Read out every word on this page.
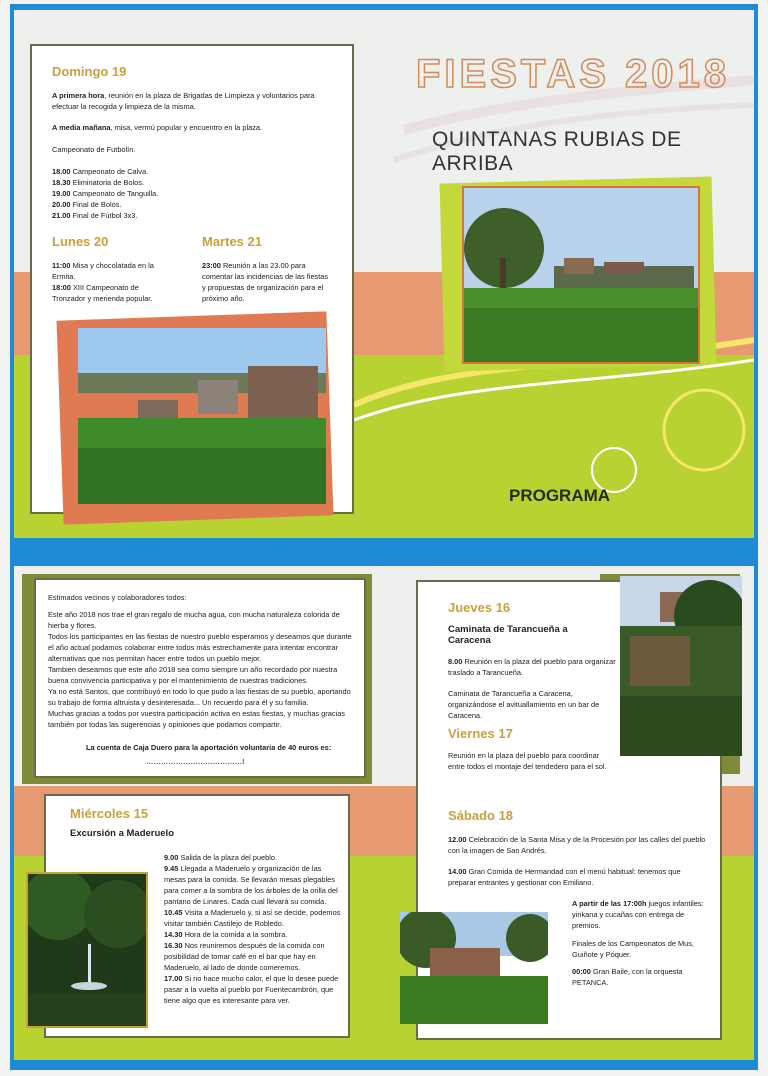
Domingo 19
A primera hora, reunión en la plaza de Brigadas de Limpieza y voluntarios para efectuar la recogida y limpieza de la misma.
A media mañana, misa, vermú popular y encuentro en la plaza.
Campeonato de Futbolín.
18.00 Campeonato de Calva.
18.30 Eliminatoria de Bolos.
19.00 Campeonato de Tanguilla.
20.00 Final de Bolos.
21.00 Final de Fútbol 3x3.
Lunes 20
11:00 Misa y chocolatada en la Ermita.
18:00 XIII Campeonato de Tronzador y merienda popular.
Martes 21
23:00 Reunión a las 23.00 para comentar las incidencias de las fiestas y propuestas de organización para el próximo año.
FIESTAS 2018
QUINTANAS RUBIAS DE ARRIBA
PROGRAMA
Estimados vecinos y colaboradores todos:
Este año 2018 nos trae el gran regalo de mucha agua, con mucha naturaleza colorida de hierba y flores.
Todos los participantes en las fiestas de nuestro pueblo esperamos y deseamos que durante el año actual podamos colaborar entre todos más estrechamente para intentar encontrar alternativas que nos permitan hacer entre todos un pueblo mejor.
Tambien deseamos que este año 2018 sea como siempre un año recordado por nuestra buena convivencia participativa y por el mantenimiento de nuestras tradiciones.
Ya no está Santos, que contribuyó en todo lo que pudo a las fiestas de su pueblo, aportando su trabajo de forma altruista y desinteresada... Un recuerdo para él y su familia.
Muchas gracias a todos por vuestra participación activa en estas fiestas, y muchas gracias también por todas las sugerencias y opiniones que podamos compartir.
La cuenta de Caja Duero para la aportación voluntaria de 40 euros es:
…………………………………!
Miércoles 15
Excursión a Maderuelo
9.00 Salida de la plaza del pueblo.
9.45 Llegada a Maderuelo y organización de las mesas para la comida. Se llevarán mesas plegables para comer a la sombra de los árboles de la orilla del pantano de Linares. Cada cual llevará su comida.
10.45 Visita a Maderuelo y, si así se decide, podemos visitar también Castilejo de Robledo.
14.30 Hora de la comida a la sombra.
16.30 Nos reuniremos después de la comida con posibilidad de tomar café en el bar que hay en Maderuelo, al lado de donde comeremos.
17.00 Si no hace mucho calor, el que lo desee puede pasar a la vuelta al pueblo por Fuentecambrón, que tiene algo que es interesante para ver.
Jueves 16
Caminata de Tarancueña a Caracena
8.00 Reunión en la plaza del pueblo para organizar traslado a Tarancueña.
Caminata de Tarancueña a Caracena, organizándose el avituallamiento en un bar de Caracena.
Viernes 17
Reunión en la plaza del pueblo para coordinar entre todos el montaje del tendedero para el sol.
Sábado 18
12.00 Celebración de la Santa Misa y de la Procesión por las calles del pueblo con la imagen de San Andrés.
14.00 Gran Comida de Hermandad con el menú habitual: tenemos que preparar entrantes y gestionar con Emiliano.
A partir de las 17:00h juegos infantiles: yinkana y cucañas con entrega de premios.
Finales de los Campeonatos de Mus, Guiñote y Póquer.
00:00 Gran Baile, con la orquesta PETANCA.
